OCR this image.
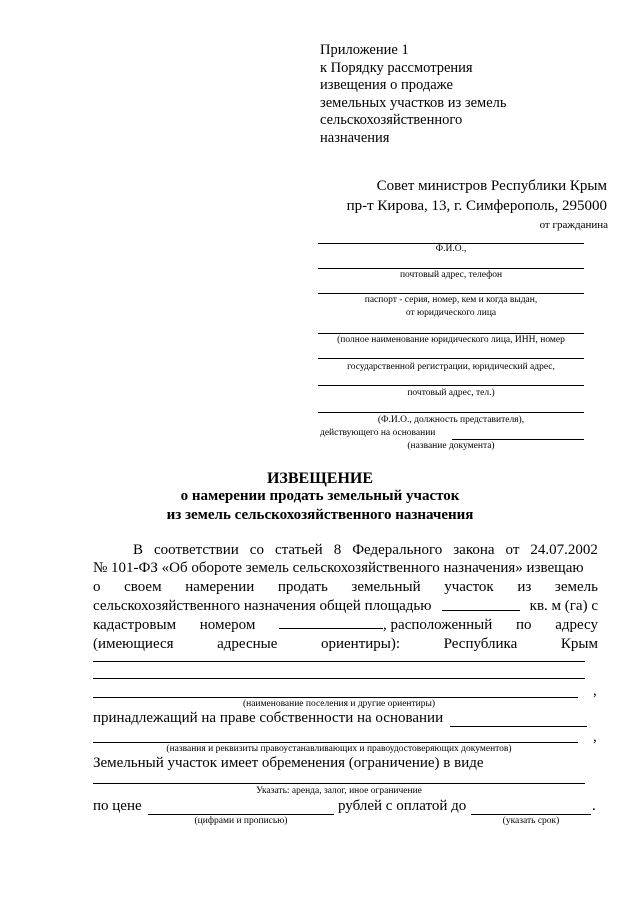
Приложение 1
к Порядку рассмотрения
извещения о продаже
земельных участков из земель
сельскохозяйственного
назначения
Совет министров Республики Крым
пр-т Кирова, 13, г. Симферополь, 295000
от гражданина
Ф.И.О.,
почтовый адрес, телефон
паспорт - серия, номер, кем и когда выдан,
от юридического лица
(полное наименование юридического лица, ИНН, номер
государственной регистрации, юридический адрес,
почтовый адрес, тел.)
(Ф.И.О., должность представителя),
действующего на основании
(название документа)
ИЗВЕЩЕНИЕ
о намерении продать земельный участок
из земель сельскохозяйственного назначения
В соответствии со статьей 8 Федерального закона от 24.07.2002
№ 101-ФЗ «Об обороте земель сельскохозяйственного назначения» извещаю
о своем намерении продать земельный участок из земель
сельскохозяйственного назначения общей площадью	кв. м (га) с
кадастровым номером	, расположенный по адресу
(имеющиеся	адресные	ориентиры):	Республика	Крым
,
(наименование поселения и другие ориентиры)
принадлежащий на праве собственности на основании
,
(названия и реквизиты правоустанавливающих и правоудостоверяющих документов)
Земельный участок имеет обременения (ограничение) в виде
Указать: аренда, залог, иное ограничение
по цене	рублей с оплатой до	.
(цифрами и прописью)	(указать срок)
